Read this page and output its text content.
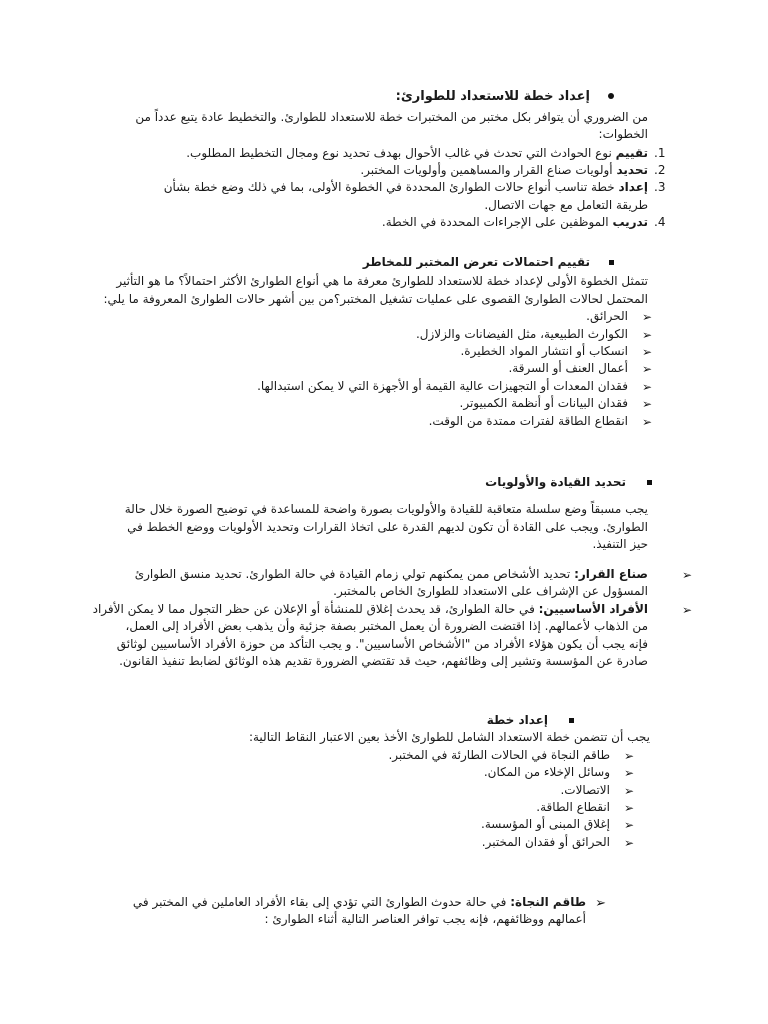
إعداد خطة للاستعداد للطوارئ:
من الضروري أن يتوافر بكل مختبر من المختبرات خطة للاستعداد للطوارئ. والتخطيط عادة يتبع عدداً من
الخطوات:
1.
تقييم نوع الحوادث التي تحدث في غالب الأحوال بهدف تحديد نوع ومجال التخطيط المطلوب.
2.
تحديد أولويات صناع القرار والمساهمين وأولويات المختبر.
3.
إعداد خطة تناسب أنواع حالات الطوارئ المحددة في الخطوة الأولى، بما في ذلك وضع خطة بشأن
طريقة التعامل مع جهات الاتصال.
4.
تدريب الموظفين على الإجراءات المحددة في الخطة.
تقييم احتمالات تعرض المختبر للمخاطر
تتمثل الخطوة الأولى لإعداد خطة للاستعداد للطوارئ معرفة ما هي أنواع الطوارئ الأكثر احتمالاً؟ ما هو التأثير
المحتمل لحالات الطوارئ القصوى على عمليات تشغيل المختبر؟من بين أشهر حالات الطوارئ المعروفة ما يلي:
➢
الحرائق.
➢
الكوارث الطبيعية، مثل الفيضانات والزلازل.
➢
انسكاب أو انتشار المواد الخطيرة.
➢
أعمال العنف أو السرقة.
➢
فقدان المعدات أو التجهيزات عالية القيمة أو الأجهزة التي لا يمكن استبدالها.
➢
فقدان البيانات أو أنظمة الكمبيوتر.
➢
انقطاع الطاقة لفترات ممتدة من الوقت.
تحديد القيادة والأولويات
يجب مسبقاً وضع سلسلة متعاقبة للقيادة والأولويات بصورة واضحة للمساعدة في توضيح الصورة خلال حالة
الطوارئ. ويجب على القادة أن تكون لديهم القدرة على اتخاذ القرارات وتحديد الأولويات ووضع الخطط في
حيز التنفيذ.
➢
صناع القرار: تحديد الأشخاص ممن يمكنهم تولي زمام القيادة في حالة الطوارئ. تحديد منسق الطوارئ
المسؤول عن الإشراف على الاستعداد للطوارئ الخاص بالمختبر.
➢
الأفراد الأساسيين: في حالة الطوارئ، قد يحدث إغلاق للمنشأة أو الإعلان عن حظر التجول مما لا يمكن الأفراد
من الذهاب لأعمالهم. إذا اقتضت الضرورة أن يعمل المختبر بصفة جزئية وأن يذهب بعض الأفراد إلى العمل،
فإنه يجب أن يكون هؤلاء الأفراد من "الأشخاص الأساسيين". و يجب التأكد من حوزة الأفراد الأساسيين لوثائق
صادرة عن المؤسسة وتشير إلى وظائفهم، حيث قد تقتضي الضرورة تقديم هذه الوثائق لضابط تنفيذ القانون.
إعداد خطة
يجب أن تتضمن خطة الاستعداد الشامل للطوارئ الأخذ بعين الاعتبار النقاط التالية:
➢
طاقم النجاة في الحالات الطارئة في المختبر.
➢
وسائل الإخلاء من المكان.
➢
الاتصالات.
➢
انقطاع الطاقة.
➢
إغلاق المبنى أو المؤسسة.
➢
الحرائق أو فقدان المختبر.
➢
طاقم النجاة: في حالة حدوث الطوارئ التي تؤدي إلى بقاء الأفراد العاملين في المختبر في
أعمالهم ووظائفهم، فإنه يجب توافر العناصر التالية أثناء الطوارئ :
